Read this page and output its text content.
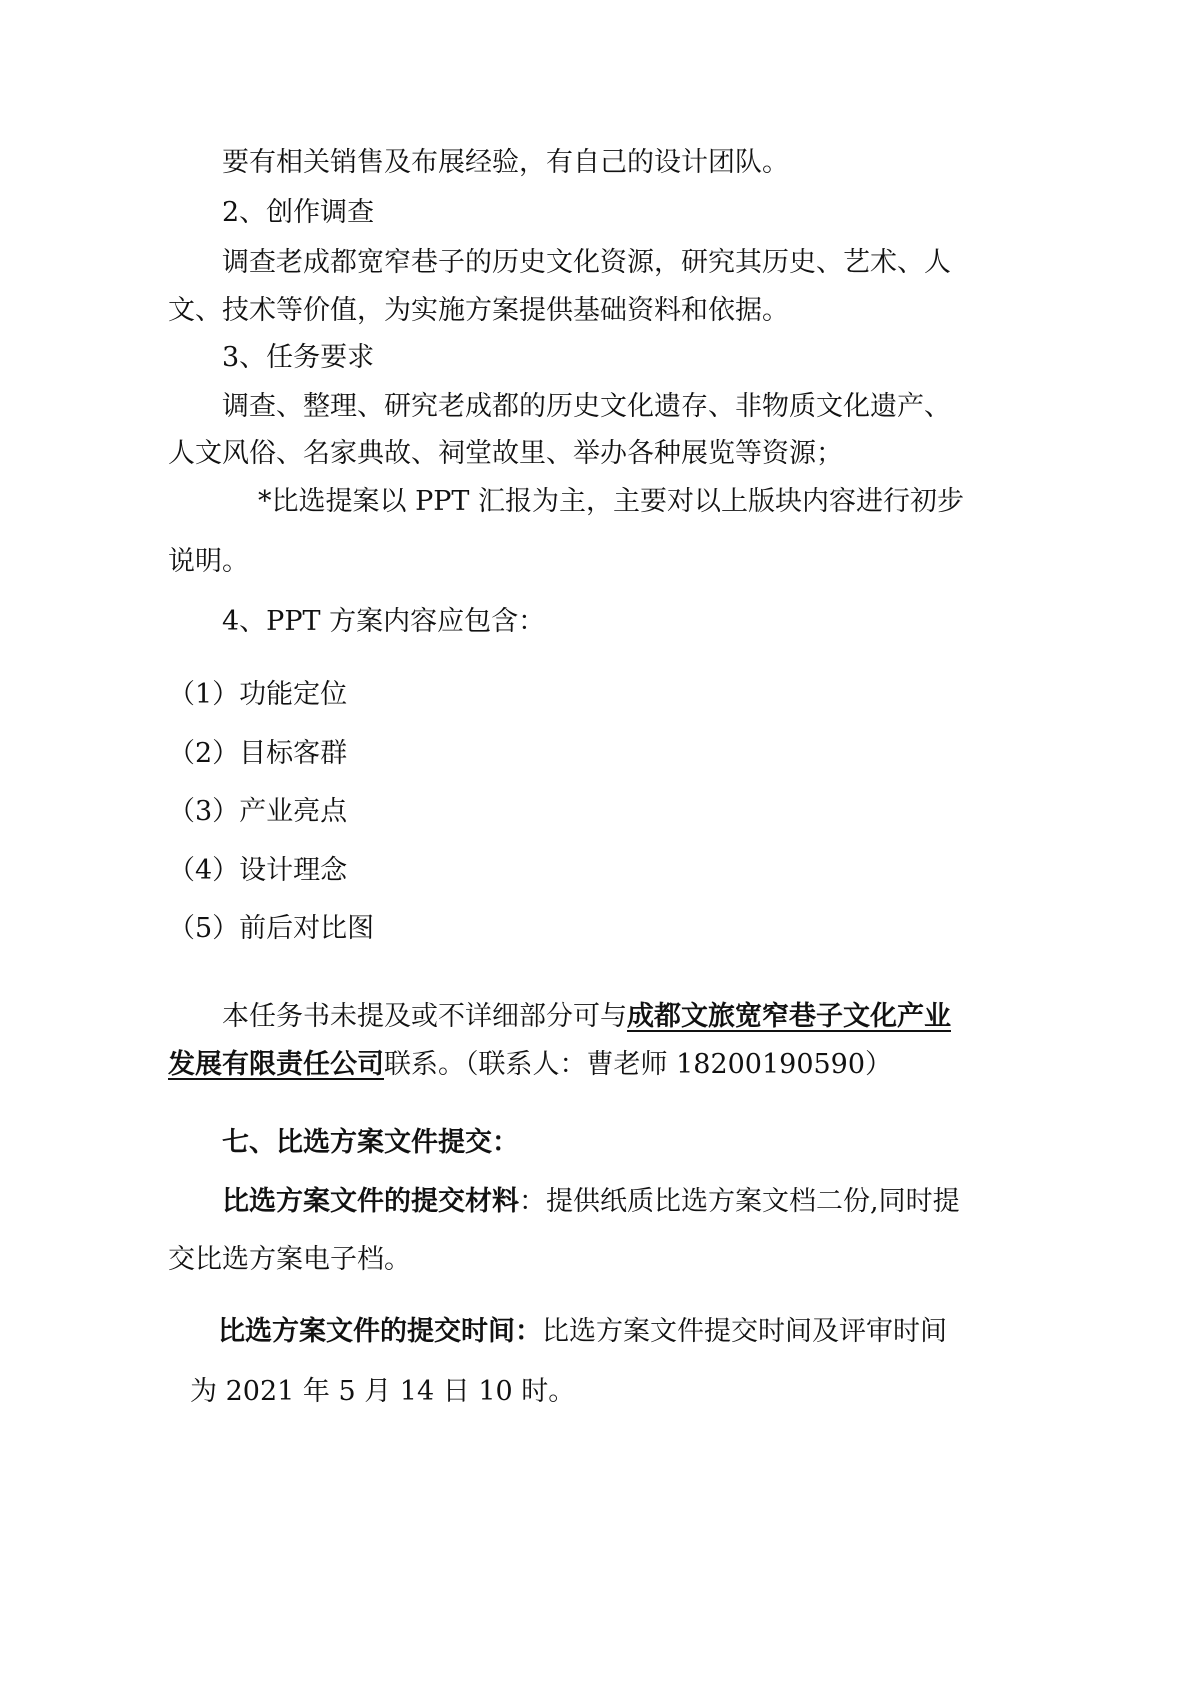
要有相关销售及布展经验，有自己的设计团队。
2、创作调查
调查老成都宽窄巷子的历史文化资源，研究其历史、艺术、人
文、技术等价值，为实施方案提供基础资料和依据。
3、任务要求
调查、整理、研究老成都的历史文化遗存、非物质文化遗产、
人文风俗、名家典故、祠堂故里、举办各种展览等资源；
*比选提案以 PPT 汇报为主，主要对以上版块内容进行初步
说明。
4、PPT 方案内容应包含：
（1）功能定位
（2）目标客群
（3）产业亮点
（4）设计理念
（5）前后对比图
本任务书未提及或不详细部分可与成都文旅宽窄巷子文化产业
发展有限责任公司联系。（联系人：曹老师 18200190590）
七、比选方案文件提交：
比选方案文件的提交材料：提供纸质比选方案文档二份,同时提
交比选方案电子档。
比选方案文件的提交时间：比选方案文件提交时间及评审时间
为 2021 年 5 月 14 日 10 时。
